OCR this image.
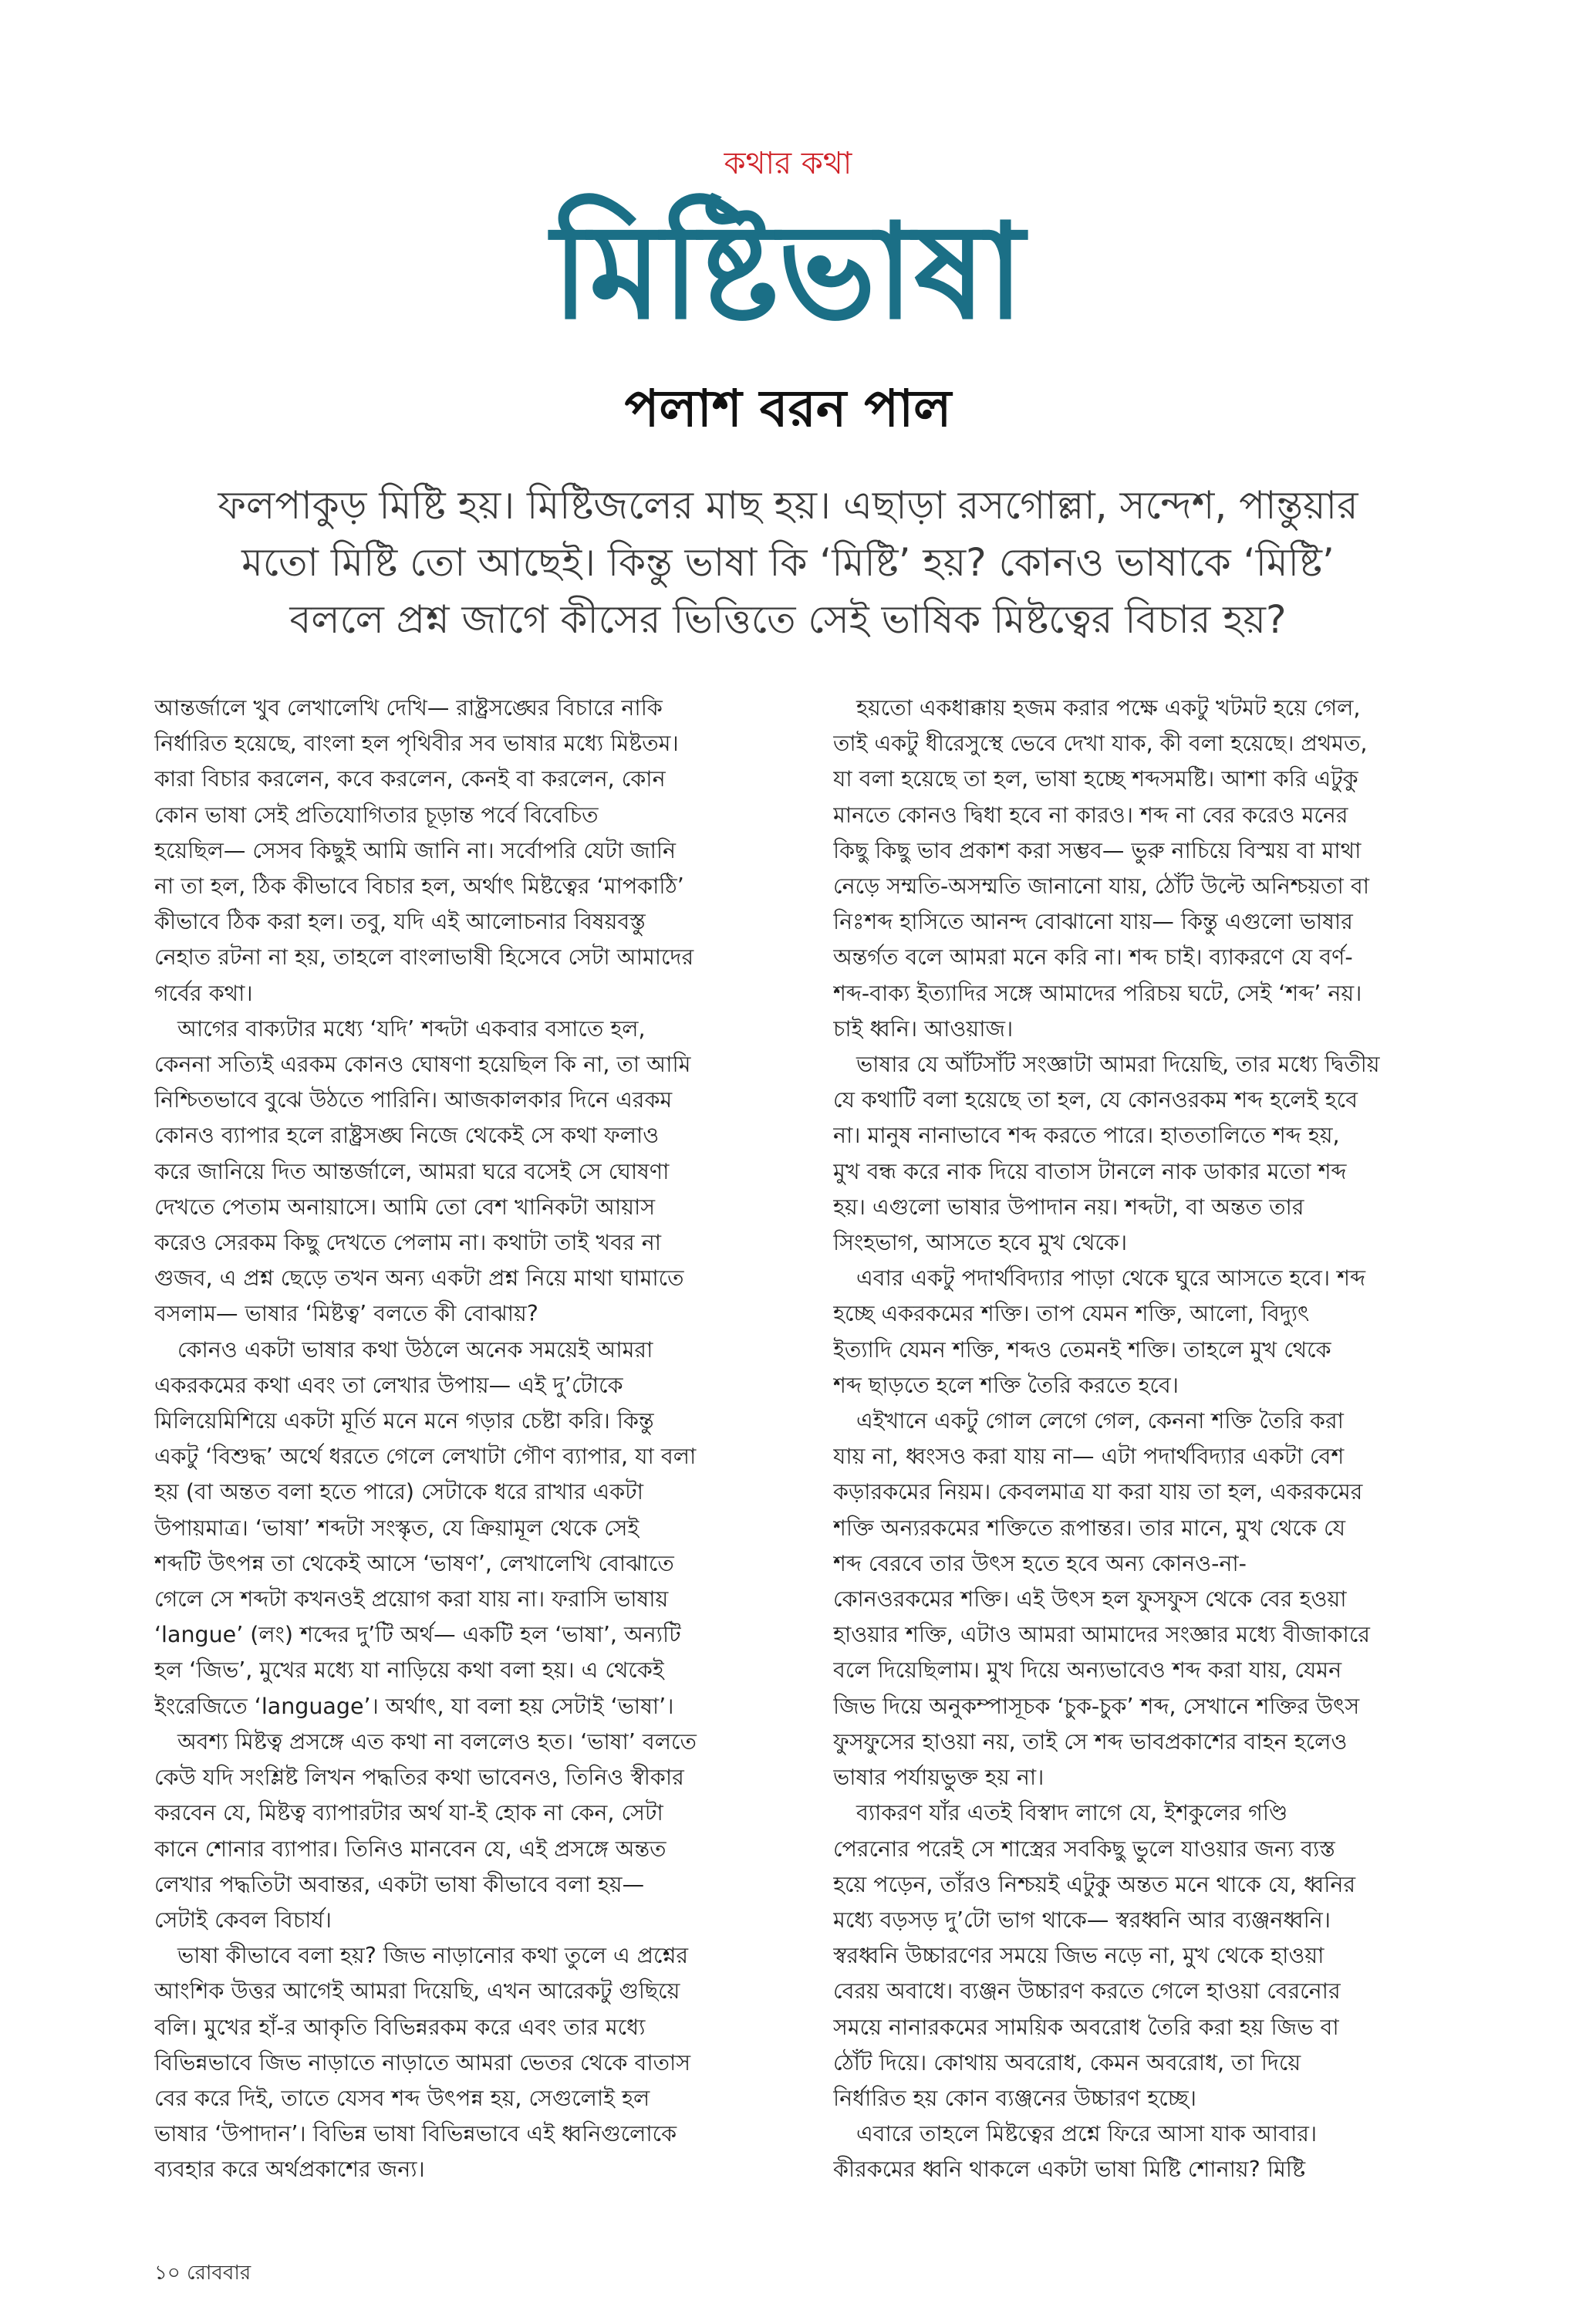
কথার কথা
মিষ্টিভাষা
পলাশ বরন পাল
ফলপাকুড় মিষ্টি হয়। মিষ্টিজলের মাছ হয়। এছাড়া রসগোল্লা, সন্দেশ, পান্তুয়ার
মতো মিষ্টি তো আছেই। কিন্তু ভাষা কি ‘মিষ্টি’ হয়? কোনও ভাষাকে ‘মিষ্টি’
বললে প্রশ্ন জাগে কীসের ভিত্তিতে সেই ভাষিক মিষ্টত্বের বিচার হয়?
আন্তর্জালে খুব লেখালেখি দেখি— রাষ্ট্রসঙ্ঘের বিচারে নাকি
নির্ধারিত হয়েছে, বাংলা হল পৃথিবীর সব ভাষার মধ্যে মিষ্টতম।
কারা বিচার করলেন, কবে করলেন, কেনই বা করলেন, কোন
কোন ভাষা সেই প্রতিযোগিতার চূড়ান্ত পর্বে বিবেচিত
হয়েছিল— সেসব কিছুই আমি জানি না। সর্বোপরি যেটা জানি
না তা হল, ঠিক কীভাবে বিচার হল, অর্থাৎ মিষ্টত্বের ‘মাপকাঠি’
কীভাবে ঠিক করা হল। তবু, যদি এই আলোচনার বিষয়বস্তু
নেহাত রটনা না হয়, তাহলে বাংলাভাষী হিসেবে সেটা আমাদের
গর্বের কথা।
আগের বাক্যটার মধ্যে ‘যদি’ শব্দটা একবার বসাতে হল,
কেননা সত্যিই এরকম কোনও ঘোষণা হয়েছিল কি না, তা আমি
নিশ্চিতভাবে বুঝে উঠতে পারিনি। আজকালকার দিনে এরকম
কোনও ব্যাপার হলে রাষ্ট্রসঙ্ঘ নিজে থেকেই সে কথা ফলাও
করে জানিয়ে দিত আন্তর্জালে, আমরা ঘরে বসেই সে ঘোষণা
দেখতে পেতাম অনায়াসে। আমি তো বেশ খানিকটা আয়াস
করেও সেরকম কিছু দেখতে পেলাম না। কথাটা তাই খবর না
গুজব, এ প্রশ্ন ছেড়ে তখন অন্য একটা প্রশ্ন নিয়ে মাথা ঘামাতে
বসলাম— ভাষার ‘মিষ্টত্ব’ বলতে কী বোঝায়?
কোনও একটা ভাষার কথা উঠলে অনেক সময়েই আমরা
একরকমের কথা এবং তা লেখার উপায়— এই দু’টোকে
মিলিয়েমিশিয়ে একটা মূর্তি মনে মনে গড়ার চেষ্টা করি। কিন্তু
একটু ‘বিশুদ্ধ’ অর্থে ধরতে গেলে লেখাটা গৌণ ব্যাপার, যা বলা
হয় (বা অন্তত বলা হতে পারে) সেটাকে ধরে রাখার একটা
উপায়মাত্র। ‘ভাষা’ শব্দটা সংস্কৃত, যে ক্রিয়ামূল থেকে সেই
শব্দটি উৎপন্ন তা থেকেই আসে ‘ভাষণ’, লেখালেখি বোঝাতে
গেলে সে শব্দটা কখনওই প্রয়োগ করা যায় না। ফরাসি ভাষায়
‘langue’ (লং) শব্দের দু’টি অর্থ— একটি হল ‘ভাষা’, অন্যটি
হল ‘জিভ’, মুখের মধ্যে যা নাড়িয়ে কথা বলা হয়। এ থেকেই
ইংরেজিতে ‘language’। অর্থাৎ, যা বলা হয় সেটাই ‘ভাষা’।
অবশ্য মিষ্টত্ব প্রসঙ্গে এত কথা না বললেও হত। ‘ভাষা’ বলতে
কেউ যদি সংশ্লিষ্ট লিখন পদ্ধতির কথা ভাবেনও, তিনিও স্বীকার
করবেন যে, মিষ্টত্ব ব্যাপারটার অর্থ যা-ই হোক না কেন, সেটা
কানে শোনার ব্যাপার। তিনিও মানবেন যে, এই প্রসঙ্গে অন্তত
লেখার পদ্ধতিটা অবান্তর, একটা ভাষা কীভাবে বলা হয়—
সেটাই কেবল বিচার্য।
ভাষা কীভাবে বলা হয়? জিভ নাড়ানোর কথা তুলে এ প্রশ্নের
আংশিক উত্তর আগেই আমরা দিয়েছি, এখন আরেকটু গুছিয়ে
বলি। মুখের হাঁ-র আকৃতি বিভিন্নরকম করে এবং তার মধ্যে
বিভিন্নভাবে জিভ নাড়াতে নাড়াতে আমরা ভেতর থেকে বাতাস
বের করে দিই, তাতে যেসব শব্দ উৎপন্ন হয়, সেগুলোই হল
ভাষার ‘উপাদান’। বিভিন্ন ভাষা বিভিন্নভাবে এই ধ্বনিগুলোকে
ব্যবহার করে অর্থপ্রকাশের জন্য।
হয়তো একধাক্কায় হজম করার পক্ষে একটু খটমট হয়ে গেল,
তাই একটু ধীরেসুস্থে ভেবে দেখা যাক, কী বলা হয়েছে। প্রথমত,
যা বলা হয়েছে তা হল, ভাষা হচ্ছে শব্দসমষ্টি। আশা করি এটুকু
মানতে কোনও দ্বিধা হবে না কারও। শব্দ না বের করেও মনের
কিছু কিছু ভাব প্রকাশ করা সম্ভব— ভুরু নাচিয়ে বিস্ময় বা মাথা
নেড়ে সম্মতি-অসম্মতি জানানো যায়, ঠোঁট উল্টে অনিশ্চয়তা বা
নিঃশব্দ হাসিতে আনন্দ বোঝানো যায়— কিন্তু এগুলো ভাষার
অন্তর্গত বলে আমরা মনে করি না। শব্দ চাই। ব্যাকরণে যে বর্ণ-
শব্দ-বাক্য ইত্যাদির সঙ্গে আমাদের পরিচয় ঘটে, সেই ‘শব্দ’ নয়।
চাই ধ্বনি। আওয়াজ।
ভাষার যে আঁটসাঁট সংজ্ঞাটা আমরা দিয়েছি, তার মধ্যে দ্বিতীয়
যে কথাটি বলা হয়েছে তা হল, যে কোনওরকম শব্দ হলেই হবে
না। মানুষ নানাভাবে শব্দ করতে পারে। হাততালিতে শব্দ হয়,
মুখ বন্ধ করে নাক দিয়ে বাতাস টানলে নাক ডাকার মতো শব্দ
হয়। এগুলো ভাষার উপাদান নয়। শব্দটা, বা অন্তত তার
সিংহভাগ, আসতে হবে মুখ থেকে।
এবার একটু পদার্থবিদ্যার পাড়া থেকে ঘুরে আসতে হবে। শব্দ
হচ্ছে একরকমের শক্তি। তাপ যেমন শক্তি, আলো, বিদ্যুৎ
ইত্যাদি যেমন শক্তি, শব্দও তেমনই শক্তি। তাহলে মুখ থেকে
শব্দ ছাড়তে হলে শক্তি তৈরি করতে হবে।
এইখানে একটু গোল লেগে গেল, কেননা শক্তি তৈরি করা
যায় না, ধ্বংসও করা যায় না— এটা পদার্থবিদ্যার একটা বেশ
কড়ারকমের নিয়ম। কেবলমাত্র যা করা যায় তা হল, একরকমের
শক্তি অন্যরকমের শক্তিতে রূপান্তর। তার মানে, মুখ থেকে যে
শব্দ বেরবে তার উৎস হতে হবে অন্য কোনও-না-
কোনওরকমের শক্তি। এই উৎস হল ফুসফুস থেকে বের হওয়া
হাওয়ার শক্তি, এটাও আমরা আমাদের সংজ্ঞার মধ্যে বীজাকারে
বলে দিয়েছিলাম। মুখ দিয়ে অন্যভাবেও শব্দ করা যায়, যেমন
জিভ দিয়ে অনুকম্পাসূচক ‘চুক-চুক’ শব্দ, সেখানে শক্তির উৎস
ফুসফুসের হাওয়া নয়, তাই সে শব্দ ভাবপ্রকাশের বাহন হলেও
ভাষার পর্যায়ভুক্ত হয় না।
ব্যাকরণ যাঁর এতই বিস্বাদ লাগে যে, ইশকুলের গণ্ডি
পেরনোর পরেই সে শাস্ত্রের সবকিছু ভুলে যাওয়ার জন্য ব্যস্ত
হয়ে পড়েন, তাঁরও নিশ্চয়ই এটুকু অন্তত মনে থাকে যে, ধ্বনির
মধ্যে বড়সড় দু’টো ভাগ থাকে— স্বরধ্বনি আর ব্যঞ্জনধ্বনি।
স্বরধ্বনি উচ্চারণের সময়ে জিভ নড়ে না, মুখ থেকে হাওয়া
বেরয় অবাধে। ব্যঞ্জন উচ্চারণ করতে গেলে হাওয়া বেরনোর
সময়ে নানারকমের সাময়িক অবরোধ তৈরি করা হয় জিভ বা
ঠোঁট দিয়ে। কোথায় অবরোধ, কেমন অবরোধ, তা দিয়ে
নির্ধারিত হয় কোন ব্যঞ্জনের উচ্চারণ হচ্ছে।
এবারে তাহলে মিষ্টত্বের প্রশ্নে ফিরে আসা যাক আবার।
কীরকমের ধ্বনি থাকলে একটা ভাষা মিষ্টি শোনায়? মিষ্টি
১০ রোববার
